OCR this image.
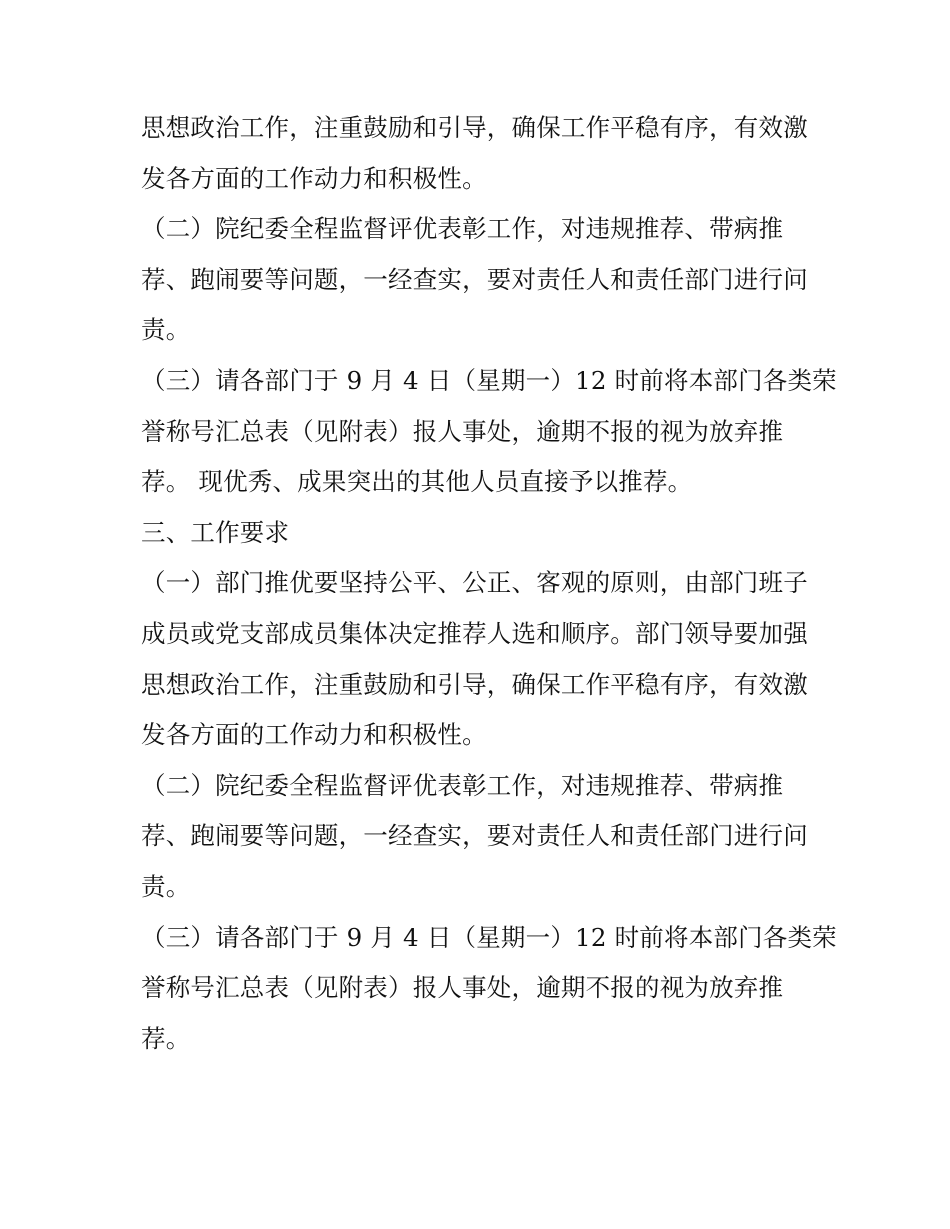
思想政治工作，注重鼓励和引导，确保工作平稳有序，有效激
发各方面的工作动力和积极性。
（二）院纪委全程监督评优表彰工作，对违规推荐、带病推
荐、跑闹要等问题，一经查实，要对责任人和责任部门进行问
责。
（三）请各部门于 9 月 4 日（星期一）12 时前将本部门各类荣
誉称号汇总表（见附表）报人事处，逾期不报的视为放弃推
荐。 现优秀、成果突出的其他人员直接予以推荐。
三、工作要求
（一）部门推优要坚持公平、公正、客观的原则，由部门班子
成员或党支部成员集体决定推荐人选和顺序。部门领导要加强
思想政治工作，注重鼓励和引导，确保工作平稳有序，有效激
发各方面的工作动力和积极性。
（二）院纪委全程监督评优表彰工作，对违规推荐、带病推
荐、跑闹要等问题，一经查实，要对责任人和责任部门进行问
责。
（三）请各部门于 9 月 4 日（星期一）12 时前将本部门各类荣
誉称号汇总表（见附表）报人事处，逾期不报的视为放弃推
荐。
